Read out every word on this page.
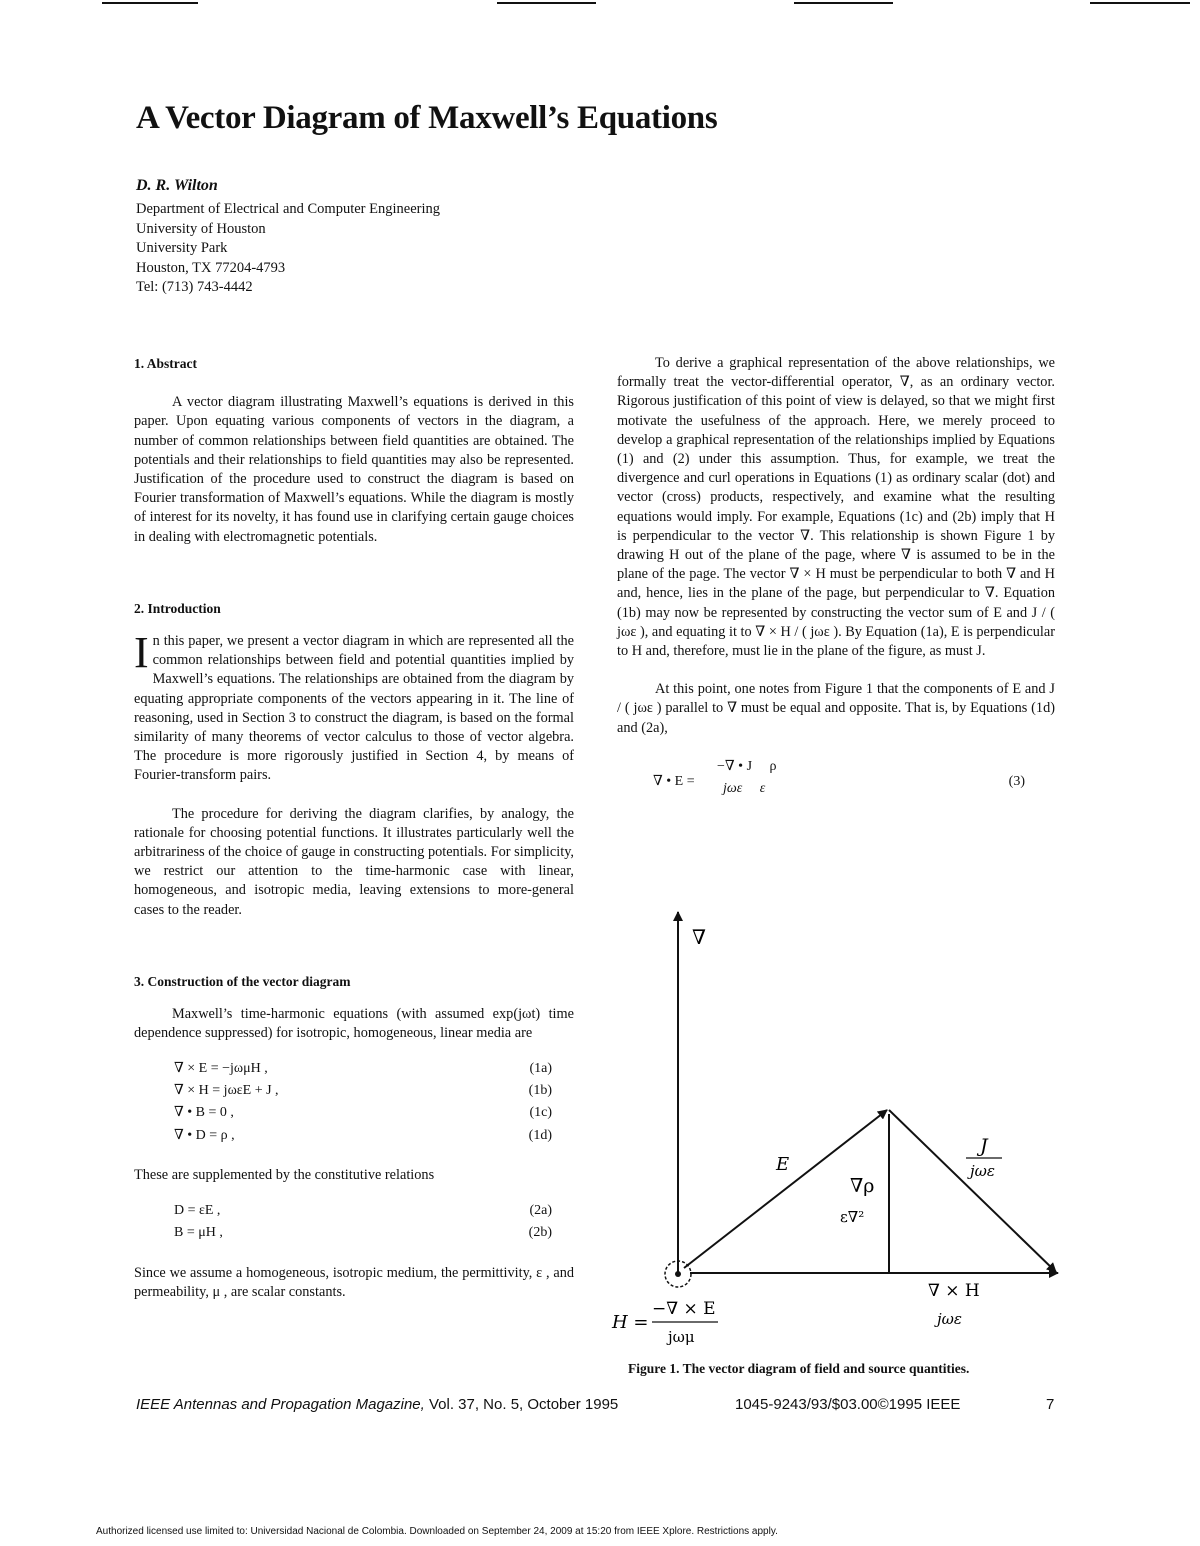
A Vector Diagram of Maxwell’s Equations
D. R. Wilton
Department of Electrical and Computer Engineering
University of Houston
University Park
Houston, TX 77204-4793
Tel: (713) 743-4442
1. Abstract

A vector diagram illustrating Maxwell’s equations is derived in this paper. Upon equating various components of vectors in the diagram, a number of common relationships between field quantities are obtained. The potentials and their relationships to field quantities may also be represented. Justification of the procedure used to construct the diagram is based on Fourier transformation of Maxwell’s equations. While the diagram is mostly of interest for its novelty, it has found use in clarifying certain gauge choices in dealing with electromagnetic potentials.

2. Introduction

In this paper, we present a vector diagram in which are represented all the common relationships between field and potential quantities implied by Maxwell’s equations. The relationships are obtained from the diagram by equating appropriate components of the vectors appearing in it. The line of reasoning, used in Section 3 to construct the diagram, is based on the formal similarity of many theorems of vector calculus to those of vector algebra. The procedure is more rigorously justified in Section 4, by means of Fourier-transform pairs.

The procedure for deriving the diagram clarifies, by analogy, the rationale for choosing potential functions. It illustrates particularly well the arbitrariness of the choice of gauge in constructing potentials. For simplicity, we restrict our attention to the time-harmonic case with linear, homogeneous, and isotropic media, leaving extensions to more-general cases to the reader.

3. Construction of the vector diagram

Maxwell’s time-harmonic equations (with assumed exp(jωt) time dependence suppressed) for isotropic, homogeneous, linear media are

∇ × E = −jωμH ,	(1a)
∇ × H = jωεE + J ,	(1b)
∇ • B = 0 ,	(1c)
∇ • D = ρ ,	(1d)

These are supplemented by the constitutive relations

D = εE ,	(2a)
B = μH ,	(2b)

Since we assume a homogeneous, isotropic medium, the permittivity, ε , and permeability, μ , are scalar constants.

To derive a graphical representation of the above relationships, we formally treat the vector-differential operator, ∇, as an ordinary vector. Rigorous justification of this point of view is delayed, so that we might first motivate the usefulness of the approach. Here, we merely proceed to develop a graphical representation of the relationships implied by Equations (1) and (2) under this assumption. Thus, for example, we treat the divergence and curl operations in Equations (1) as ordinary scalar (dot) and vector (cross) products, respectively, and examine what the resulting equations would imply. For example, Equations (1c) and (2b) imply that H is perpendicular to the vector ∇. This relationship is shown Figure 1 by drawing H out of the plane of the page, where ∇ is assumed to be in the plane of the page. The vector ∇ × H must be perpendicular to both ∇ and H and, hence, lies in the plane of the page, but perpendicular to ∇. Equation (1b) may now be represented by constructing the vector sum of E and J / ( jωε ), and equating it to ∇ × H / ( jωε ). By Equation (1a), E is perpendicular to H and, therefore, must lie in the plane of the figure, as must J.

At this point, one notes from Figure 1 that the components of E and J / ( jωε ) parallel to ∇ must be equal and opposite. That is, by Equations (1d) and (2a),

∇ • E =
−∇ • J     ρ
jωε     ε	(3)
∇
E
J
jωε
∇ρ
ε∇²
∇ × H
jωε
H =
−∇ × E
jωμ
Figure 1. The vector diagram of field and source quantities.
IEEE Antennas and Propagation Magazine, Vol. 37, No. 5, October 1995	1045-9243/93/$03.00©1995 IEEE	7
Authorized licensed use limited to: Universidad Nacional de Colombia. Downloaded on September 24, 2009 at 15:20 from IEEE Xplore. Restrictions apply.
